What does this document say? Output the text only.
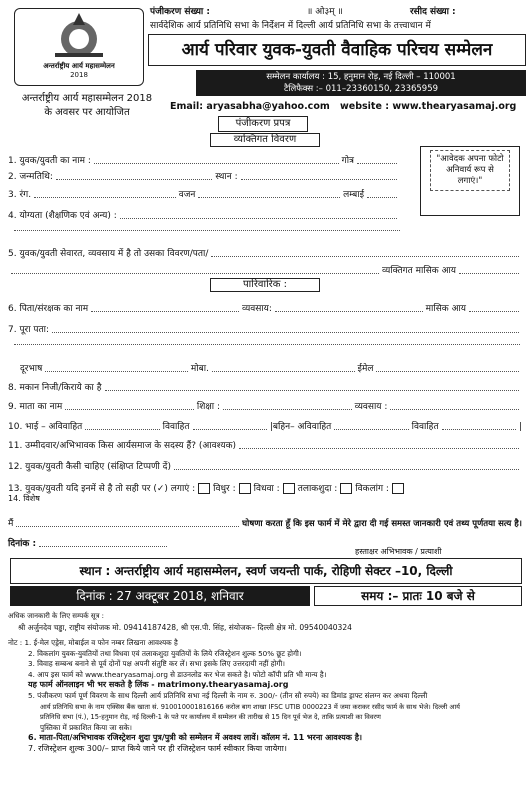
अन्तर्राष्ट्रीय आर्य महासम्मेलन
2018
पंजीकरण संख्या :	॥ ओ३म् ॥	रसीद संख्या :
सार्वदेशिक आर्य प्रतिनिधि सभा के निर्देशन में दिल्ली आर्य प्रतिनिधि सभा के तत्त्वाधान में
आर्य परिवार युवक-युवती वैवाहिक परिचय सम्मेलन
सम्मेलन कार्यालय : 15, हनुमान रोड़, नई दिल्ली – 110001
टैलिफैक्स :– 011–23360150, 23365959
अन्तर्राष्ट्रीय आर्य महासम्मेलन 2018
के अवसर पर आयोजित
Email: aryasabha@yahoo.com website : www.thearyasamaj.org
पंजीकरण प्रपत्र
व्यक्तिगत विवरण
1. युवक/युवती का नाम :	गोत्र
2. जन्मतिथि:	स्थान :
3. रंग.	वजन	लम्बाई
4. योग्यता (शैक्षणिक एवं अन्य) :
"आवेदक अपना फोटो अनिवार्य रूप से लगाएं।"
5. युवक/युवती सेवारत, व्यवसाय में है तो उसका विवरण/पता/
व्यक्तिगत मासिक आय
पारिवारिक :
6. पिता/संरक्षक का नाम	व्यवसाय:	मासिक आय
7. पूरा पता:
दूरभाष	मोबा.	ईमेल
8. मकान निजी/किराये का है
9. माता का नाम	शिक्षा :	व्यवसाय :
10. भाई – अविवाहित	विवाहित	| बहिन– अविवाहित	विवाहित	|
11. उम्मीदवार/अभिभावक किस आर्यसमाज के सदस्य हैं? (आवश्यक)
12. युवक/युवती कैसी चाहिए (संक्षिप्त टिप्पणी दें)
13. युवक/युवती यदि इनमें से है तो सही पर (✓) लगाएं : विधुर : विधवा : तलाकशुदा : विकलांग :
14. विशेष
मैं	घोषणा करता हूँ कि इस फार्म में मेरे द्वारा दी गई समस्त जानकारी एवं तथ्य पूर्णतया सत्य है।
दिनांक :
हस्ताक्षर अभिभावक / प्रत्याशी
स्थान : अन्तर्राष्ट्रीय आर्य महासम्मेलन, स्वर्ण जयन्ती पार्क, रोहिणी सेक्टर –10, दिल्ली
दिनांक : 27 अक्टूबर 2018, शनिवार	समय :– प्रातः 10 बजे से
अधिक जानकारी के लिए सम्पर्क सूत्र :
श्री अर्जुनदेव चड्ढा, राष्ट्रीय संयोजक मो. 09414187428, श्री एस.पी. सिंह, संयोजक– दिल्ली क्षेत्र मो. 09540040324
नोट : 1. ई-मेल एड्रेस, मोबाईल व फोन नम्बर लिखना आवश्यक है
2. विकलांग युवक-युवतियों तथा विधवा एवं तलाकशुदा युवतियों के लिये रजिस्ट्रेशन शुल्क 50% छूट होगी।
3. विवाह सम्बन्ध बनाने से पूर्व दोनों पक्ष अपनी संतुष्टि कर लें। सभा इसके लिए उत्तरदायी नहीं होगी।
4. आप इस फार्म को www.thearyasamaj.org से डाउनलोड कर भेज सकते है। फोटो कॉपी प्रति भी मान्य है।
यह फार्म ऑनलाइन भी भर सकते है लिंक - matrimony.thearyasamaj.org
5. पंजीकरण फार्म पूर्ण विवरण के साथ दिल्ली आर्य प्रतिनिधि सभा नई दिल्ली के नाम रु. 300/- (तीन सौ रुपये) का डिमांड ड्राफ्ट संलग्न कर अथवा दिल्ली
आर्य प्रतिनिधि सभा के नाम एक्सिस बैंक खाता सं. 910010001816166 करोल बाग शाखा IFSC UTIB 0000223 में जमा कराकर रसीद फार्म के साथ भेजे। दिल्ली आर्य
प्रतिनिधि सभा (पं.), 15-हनुमान रोड़, नई दिल्ली-1 के पते पर कार्यालय में सम्मेलन की तारीख से 15 दिन पूर्व भेज दे, ताकि प्रत्याशी का विवरण
पुस्तिका में प्रकाशित किया जा सके।
6. माता-पिता/अभिभावक रजिस्ट्रेशन शुदा पुत्र/पुत्री को सम्मेलन में अवश्य लावें। कॉलम नं. 11 भरना आवश्यक है।
7. रजिस्ट्रेशन शुल्क 300/– प्राप्त किये जाने पर ही रजिस्ट्रेशन फार्म स्वीकार किया जायेगा।
